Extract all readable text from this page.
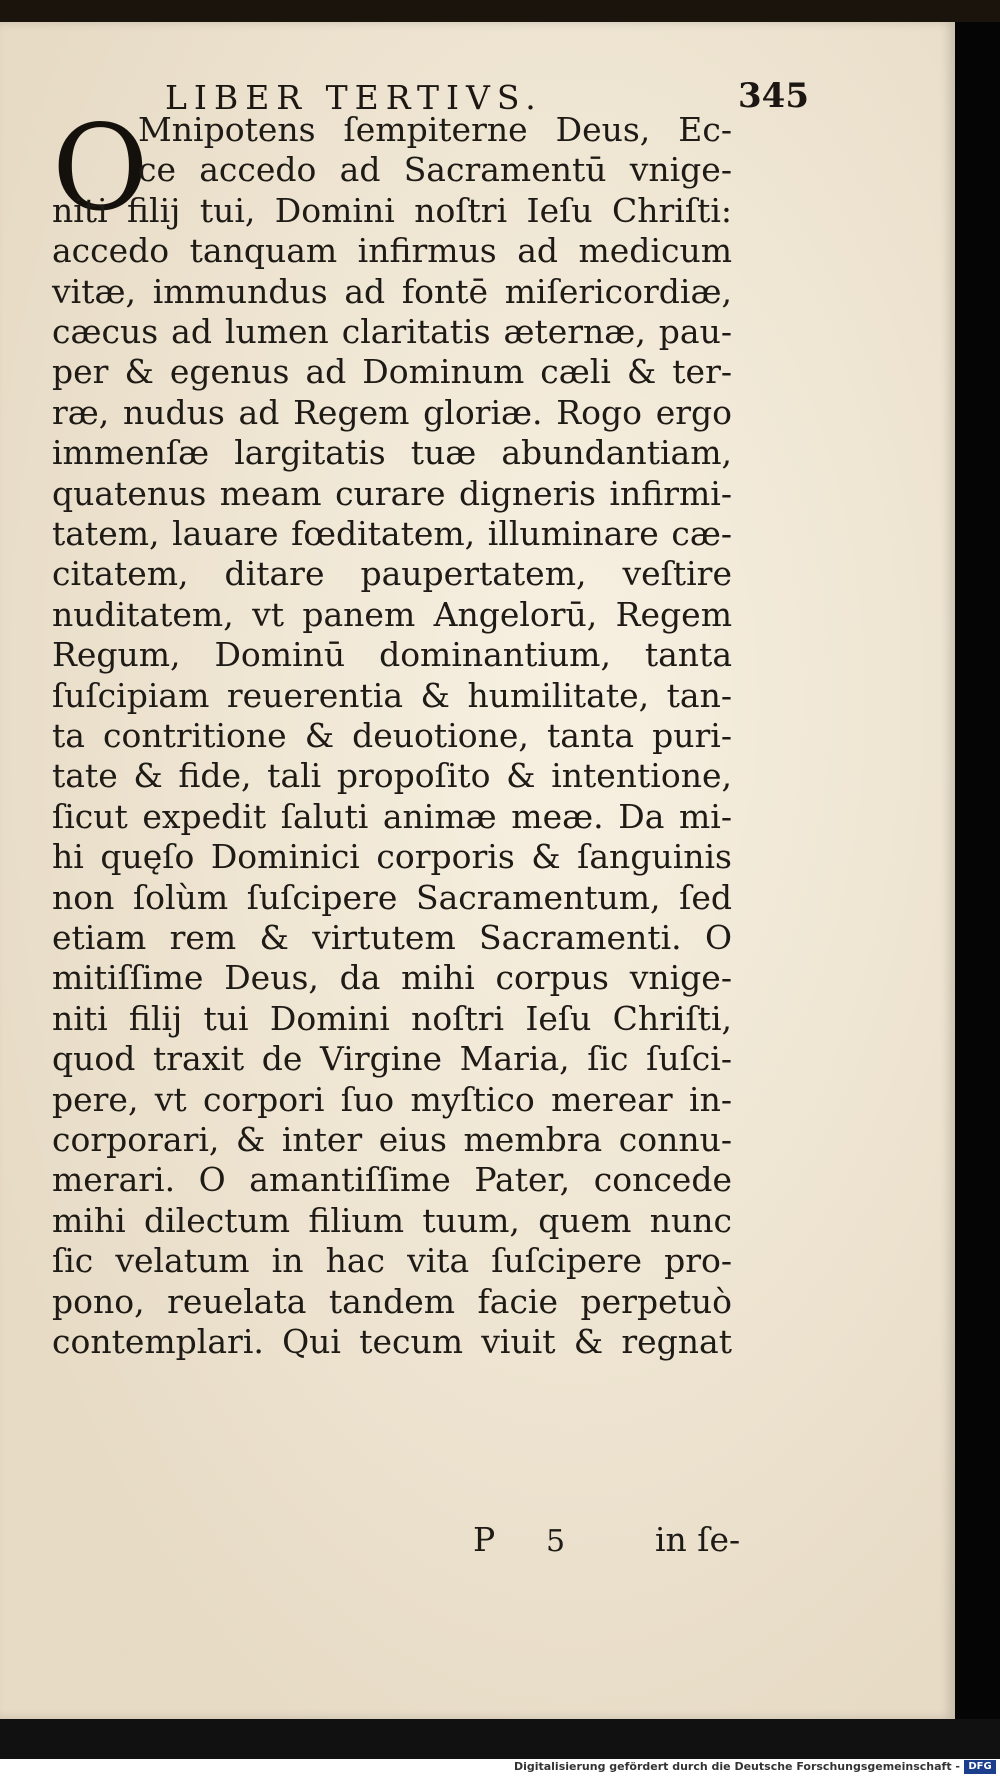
Digitalisierung gefördert durch die Deutsche Forschungsgemeinschaft - DFG
LIBER TERTIVS.	345
O
Mnipotens ſempiterne Deus, Ec-
ce accedo ad Sacramentū vnige-
niti filij tui, Domini noſtri Ieſu Chriſti:
accedo tanquam infirmus ad medicum
vitæ, immundus ad fontē miſericordiæ,
cæcus ad lumen claritatis æternæ, pau-
per & egenus ad Dominum cæli & ter-
ræ, nudus ad Regem gloriæ. Rogo ergo
immenſæ largitatis tuæ abundantiam,
quatenus meam curare digneris infirmi-
tatem, lauare fœditatem, illuminare cæ-
citatem, ditare paupertatem, veſtire
nuditatem, vt panem Angelorū, Regem
Regum, Dominū dominantium, tanta
ſuſcipiam reuerentia & humilitate, tan-
ta contritione & deuotione, tanta puri-
tate & fide, tali propoſito & intentione,
ſicut expedit ſaluti animæ meæ. Da mi-
hi quęſo Dominici corporis & ſanguinis
non ſolùm ſuſcipere Sacramentum, ſed
etiam rem & virtutem Sacramenti. O
mitiſſime Deus, da mihi corpus vnige-
niti filij tui Domini noſtri Ieſu Chriſti,
quod traxit de Virgine Maria, ſic ſuſci-
pere, vt corpori ſuo myſtico merear in-
corporari, & inter eius membra connu-
merari. O amantiſſime Pater, concede
mihi dilectum filium tuum, quem nunc
ſic velatum in hac vita ſuſcipere pro-
pono, reuelata tandem facie perpetuò
contemplari. Qui tecum viuit & regnat
P 5	in ſe-
